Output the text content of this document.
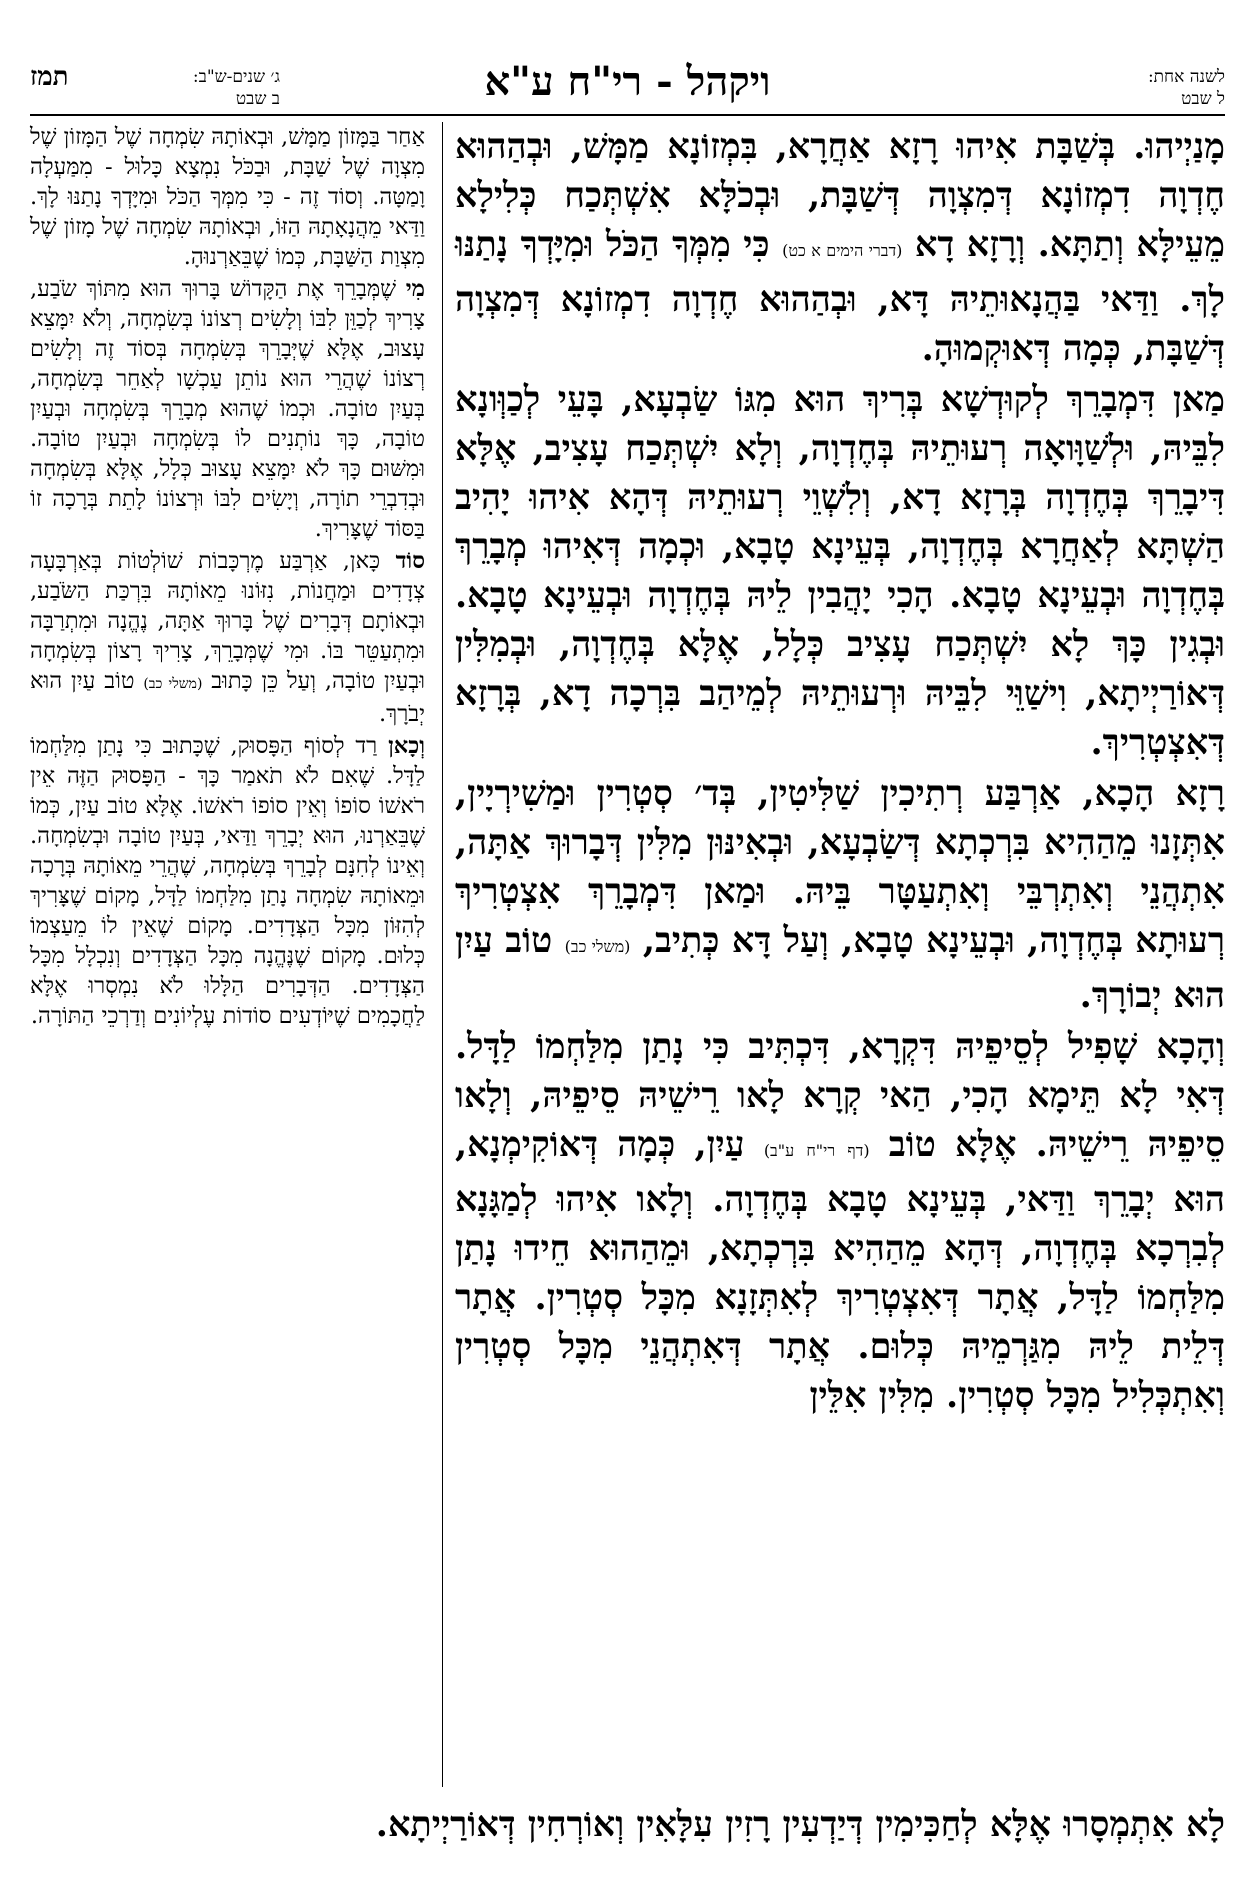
לשנה אחת:
ל שבט
ויקהל - רי"ח ע"א
ג׳ שנים-ש"ב:
ב שבט
תמז

מָנַיְיהוּ. בְּשַׁבָּת אִיהוּ רָזָא אַחֲרָא, בִּמְזוֹנָא מַמָּשׁ, וּבְהַהוּא חֶדְוָה דִמְזוֹנָא דְּמִצְוָה דְּשַׁבָּת, וּבְכֹלָּא אִשְׁתְּכַח כְּלִילָא מֵעֵילָּא וְתַתָּא. וְרָזָא דָא (דברי הימים א כט) כִּי מִמְּךָ הַכֹּל וּמִיָּדְךָ נָתַנּוּ לָךְ. וַדַּאי בַּהֲנָאוּתֵיהּ דָּא, וּבְהַהוּא חֶדְוָה דִמְזוֹנָא דְּמִצְוָה דְּשַׁבָּת, כְּמָה דְּאוּקְמוּהָ.

מַאן דִּמְבָרֵךְ לְקוּדְשָׁא בְּרִיךְ הוּא מִגּוֹ שַׂבְעָא, בָּעֵי לְכַוְּונָא לִבֵּיהּ, וּלְשַׁוָּואָה רְעוּתֵיהּ בְּחֶדְוָה, וְלָא יִשְׁתְּכַח עָצִיב, אֶלָּא דִּיבָרֵךְ בְּחֶדְוָה בְּרָזָא דָא, וְלִשְׁוֵי רְעוּתֵיהּ דְּהָא אִיהוּ יָהִיב הַשְׁתָּא לְאַחֲרָא בְּחֶדְוָה, בְּעֵינָא טָבָא, וּכְמָה דְּאִיהוּ מְבָרֵךְ בְּחֶדְוָה וּבְעֵינָא טָבָא. הָכִי יָהֲבִין לֵיהּ בְּחֶדְוָה וּבְעֵינָא טָבָא. וּבְגִין כָּךְ לָא יִשְׁתְּכַח עָצִיב כְּלָל, אֶלָּא בְּחֶדְוָה, וּבְמִלִּין דְּאוֹרַיְיתָא, וִישַׁוֵּי לִבֵּיהּ וּרְעוּתֵיהּ לְמֵיהַב בִּרְכָה דָא, בְּרָזָא דְּאִצְטְרִיךְ.

רָזָא הָכָא, אַרְבַּע רְתִיכִין שַׁלִּיטִין, בְּד׳ סְטְרִין וּמַשִׁירְיָין, אִתְּזָנוּ מֵהַהִיא בִּרְכְתָא דְּשַׂבְעָא, וּבְאִינּוּן מִלִּין דְּבָרוּךְ אַתָּה, אִתְהֲנֵי וְאִתְרְבֵּי וְאִתְעַטָּר בֵּיהּ. וּמַאן דִּמְבָרֵךְ אִצְטְרִיךְ רְעוּתָא בְּחֶדְוָה, וּבְעֵינָא טָבָא, וְעַל דָּא כְּתִיב, (משלי כב) טוֹב עַיִן הוּא יְבוֹרָךְ.

וְהָכָא שָׁפִיל לְסֵיפֵיהּ דִּקְרָא, דִּכְתִּיב כִּי נָתַן מִלַּחְמוֹ לַדָּל. דְּאִי לָא תֵּימָא הָכִי, הַאי קְרָא לָאו רֵישֵׁיהּ סֵיפֵיהּ, וְלָאו סֵיפֵיהּ רֵישֵׁיהּ. אֶלָּא טוֹב (דף רי"ח ע"ב) עַיִן, כְּמָה דְּאוֹקִימְנָא, הוּא יְבָרֵךְ וַדַּאי, בְּעֵינָא טָבָא בְּחֶדְוָה. וְלָאו אִיהוּ לְמַגָּנָא לְבִרְכָא בְּחֶדְוָה, דְּהָא מֵהַהִיא בִּרְכְתָא, וּמֵהַהוּא חֵידוּ נָתַן מִלַּחְמוֹ לַדָּל, אֲתָר דְּאִצְטְרִיךְ לְאִתְּזָנָא מִכָּל סְטְרִין. אֲתָר דְּלֵית לֵיהּ מִגַּרְמֵיהּ כְּלוּם. אֲתָר דְּאִתְהֲנֵי מִכָּל סְטְרִין וְאִתְכְּלִיל מִכָּל סְטְרִין. מִלִּין אִלֵּין

אַחַר בַּמָּזוֹן מַמָּשׁ, וּבְאוֹתָהּ שִׂמְחָה שֶׁל הַמָּזוֹן שֶׁל מִצְוָה שֶׁל שַׁבָּת, וּבַכֹּל נִמְצָא כָּלוּל - מִמַּעְלָה וָמַטָּה. וְסוֹד זֶה - כִּי מִמְּךָ הַכֹּל וּמִיָּדְךָ נָתַנּוּ לָךְ. וַדַּאי מֵהֲנָאָתָהּ הַזּוֹ, וּבְאוֹתָהּ שִׂמְחָה שֶׁל מָזוֹן שֶׁל מִצְוַת הַשַּׁבָּת, כְּמוֹ שֶׁבֵּאַרְנוּהָ.

מִי שֶׁמְּבָרֵךְ אֶת הַקָּדוֹשׁ בָּרוּךְ הוּא מִתּוֹךְ שֹׂבַע, צָרִיךְ לְכַוֵּן לִבּוֹ וְלָשִׂים רְצוֹנוֹ בְּשִׂמְחָה, וְלֹא יִמָּצֵא עָצוּב, אֶלָּא שֶׁיְּבָרֵךְ בְּשִׂמְחָה בְּסוֹד זֶה וְלָשִׂים רְצוֹנוֹ שֶׁהֲרֵי הוּא נוֹתֵן עַכְשָׁו לְאַחֵר בְּשִׂמְחָה, בְּעַיִן טוֹבָה. וּכְמוֹ שֶׁהוּא מְבָרֵךְ בְּשִׂמְחָה וּבְעַיִן טוֹבָה, כָּךְ נוֹתְנִים לוֹ בְּשִׂמְחָה וּבְעַיִן טוֹבָה. וּמִשּׁוּם כָּךְ לֹא יִמָּצֵא עָצוּב כְּלָל, אֶלָּא בְּשִׂמְחָה וּבְדִבְרֵי תוֹרָה, וְיָשִׂים לִבּוֹ וּרְצוֹנוֹ לָתֵת בְּרָכָה זוֹ בַּסּוֹד שֶׁצָּרִיךְ.

סוֹד כָּאן, אַרְבַּע מֶרְכָּבוֹת שׁוֹלְטוֹת בְּאַרְבָּעָה צְדָדִים וּמַחֲנוֹת, נִזּוֹנוּ מֵאוֹתָהּ בִּרְכַּת הַשֹּׂבַע, וּבְאוֹתָם דְּבָרִים שֶׁל בָּרוּךְ אַתָּה, נֶהֱנָה וּמִתְרַבָּה וּמִתְעַטֵּר בּוֹ. וּמִי שֶׁמְּבָרֵךְ, צָרִיךְ רָצוֹן בְּשִׂמְחָה וּבְעַיִן טוֹבָה, וְעַל כֵּן כָּתוּב (משלי כב) טוֹב עַיִן הוּא יְבֹרָךְ.

וְכָאן רַד לְסוֹף הַפָּסוּק, שֶׁכָּתוּב כִּי נָתַן מִלַּחְמוֹ לַדָּל. שֶׁאִם לֹא תֹאמַר כָּךְ - הַפָּסוּק הַזֶּה אֵין רֹאשׁוֹ סוֹפוֹ וְאֵין סוֹפוֹ רֹאשׁוֹ. אֶלָּא טוֹב עַיִן, כְּמוֹ שֶׁבֵּאַרְנוּ, הוּא יְבָרֵךְ וַדַּאי, בְּעַיִן טוֹבָה וּבְשִׂמְחָה. וְאֵינוֹ לְחִנָּם לְבָרֵךְ בְּשִׂמְחָה, שֶׁהֲרֵי מֵאוֹתָהּ בְּרָכָה וּמֵאוֹתָהּ שִׂמְחָה נָתַן מִלַּחְמוֹ לַדָּל, מָקוֹם שֶׁצָּרִיךְ לְהִזּוֹן מִכָּל הַצְּדָדִים. מָקוֹם שֶׁאֵין לוֹ מֵעַצְמוֹ כְּלוּם. מָקוֹם שֶׁנֶּהֱנָה מִכָּל הַצְּדָדִים וְנִכְלָל מִכָּל הַצְּדָדִים. הַדְּבָרִים הַלָּלוּ לֹא נִמְסְרוּ אֶלָּא לַחֲכָמִים שֶׁיּוֹדְעִים סוֹדוֹת עֶלְיוֹנִים וְדַרְכֵי הַתּוֹרָה.

לָא אִתְמְסָרוּ אֶלָּא לְחַכִּימִין דְּיַדְעִין רָזִין עִלָּאִין וְאוֹרְחִין דְּאוֹרַיְיתָא.
